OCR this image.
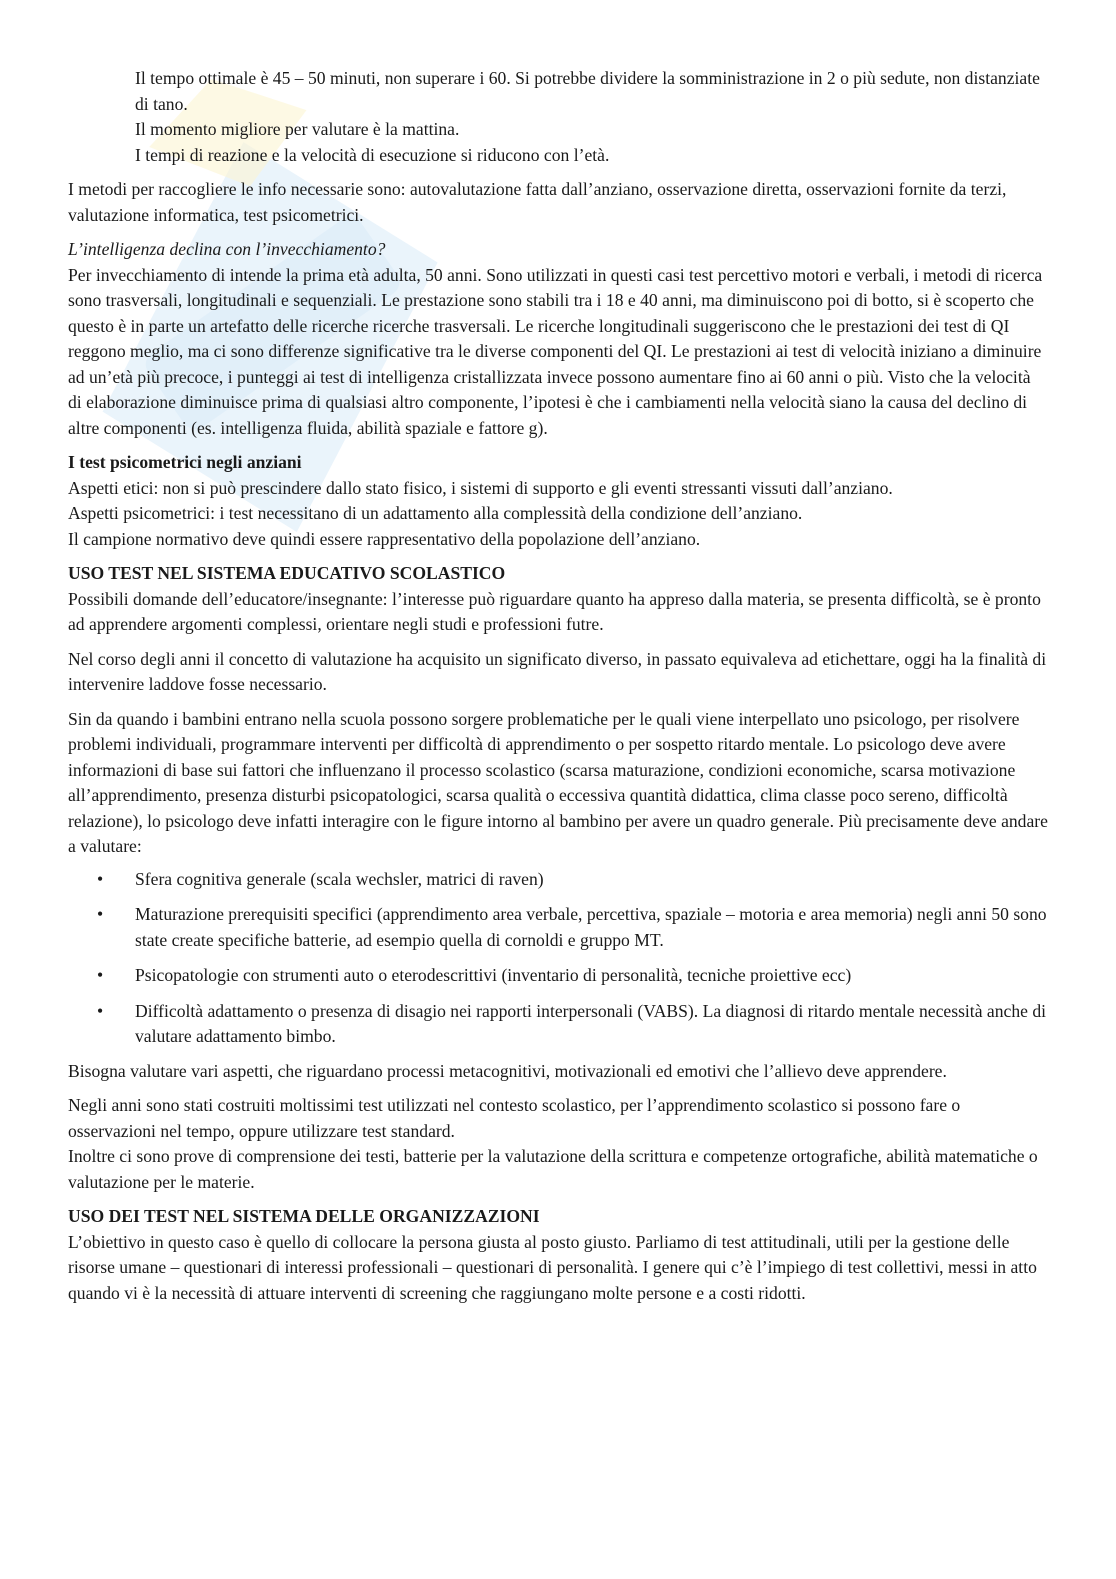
Il tempo ottimale è 45 – 50 minuti, non superare i 60. Si potrebbe dividere la somministrazione in 2 o più sedute, non distanziate di tano.

Il momento migliore per valutare è la mattina.

I tempi di reazione e la velocità di esecuzione si riducono con l’età.

I metodi per raccogliere le info necessarie sono: autovalutazione fatta dall’anziano, osservazione diretta, osservazioni fornite da terzi, valutazione informatica, test psicometrici.

L’intelligenza declina con l’invecchiamento?

Per invecchiamento di intende la prima età adulta, 50 anni. Sono utilizzati in questi casi test percettivo motori e verbali, i metodi di ricerca sono trasversali, longitudinali e sequenziali. Le prestazione sono stabili tra i 18 e 40 anni, ma diminuiscono poi di botto, si è scoperto che questo è in parte un artefatto delle ricerche ricerche trasversali. Le ricerche longitudinali suggeriscono che le prestazioni dei test di QI reggono meglio, ma ci sono differenze significative tra le diverse componenti del QI. Le prestazioni ai test di velocità iniziano a diminuire ad un’età più precoce, i punteggi ai test di intelligenza cristallizzata invece possono aumentare fino ai 60 anni o più. Visto che la velocità di elaborazione diminuisce prima di qualsiasi altro componente, l’ipotesi è che i cambiamenti nella velocità siano la causa del declino di altre componenti (es. intelligenza fluida, abilità spaziale e fattore g).

I test psicometrici negli anziani

Aspetti etici: non si può prescindere dallo stato fisico, i sistemi di supporto e gli eventi stressanti vissuti dall’anziano.

Aspetti psicometrici: i test necessitano di un adattamento alla complessità della condizione dell’anziano.

Il campione normativo deve quindi essere rappresentativo della popolazione dell’anziano.

USO TEST NEL SISTEMA EDUCATIVO SCOLASTICO

Possibili domande dell’educatore/insegnante: l’interesse può riguardare quanto ha appreso dalla materia, se presenta difficoltà, se è pronto ad apprendere argomenti complessi, orientare negli studi e professioni futre.

Nel corso degli anni il concetto di valutazione ha acquisito un significato diverso, in passato equivaleva ad etichettare, oggi ha la finalità di intervenire laddove fosse necessario.

Sin da quando i bambini entrano nella scuola possono sorgere problematiche per le quali viene interpellato uno psicologo, per risolvere problemi individuali, programmare interventi per difficoltà di apprendimento o per sospetto ritardo mentale. Lo psicologo deve avere informazioni di base sui fattori che influenzano il processo scolastico (scarsa maturazione, condizioni economiche, scarsa motivazione all’apprendimento, presenza disturbi psicopatologici, scarsa qualità o eccessiva quantità didattica, clima classe poco sereno, difficoltà relazione), lo psicologo deve infatti interagire con le figure intorno al bambino per avere un quadro generale. Più precisamente deve andare a valutare:

• Sfera cognitiva generale (scala wechsler, matrici di raven)
• Maturazione prerequisiti specifici (apprendimento area verbale, percettiva, spaziale – motoria e area memoria) negli anni 50 sono state create specifiche batterie, ad esempio quella di cornoldi e gruppo MT.
• Psicopatologie con strumenti auto o eterodescrittivi (inventario di personalità, tecniche proiettive ecc)
• Difficoltà adattamento o presenza di disagio nei rapporti interpersonali (VABS). La diagnosi di ritardo mentale necessità anche di valutare adattamento bimbo.

Bisogna valutare vari aspetti, che riguardano processi metacognitivi, motivazionali ed emotivi che l’allievo deve apprendere.

Negli anni sono stati costruiti moltissimi test utilizzati nel contesto scolastico, per l’apprendimento scolastico si possono fare o osservazioni nel tempo, oppure utilizzare test standard.

Inoltre ci sono prove di comprensione dei testi, batterie per la valutazione della scrittura e competenze ortografiche, abilità matematiche o valutazione per le materie.

USO DEI TEST NEL SISTEMA DELLE ORGANIZZAZIONI

L’obiettivo in questo caso è quello di collocare la persona giusta al posto giusto. Parliamo di test attitudinali, utili per la gestione delle risorse umane – questionari di interessi professionali – questionari di personalità. I genere qui c’è l’impiego di test collettivi, messi in atto quando vi è la necessità di attuare interventi di screening che raggiungano molte persone e a costi ridotti.
